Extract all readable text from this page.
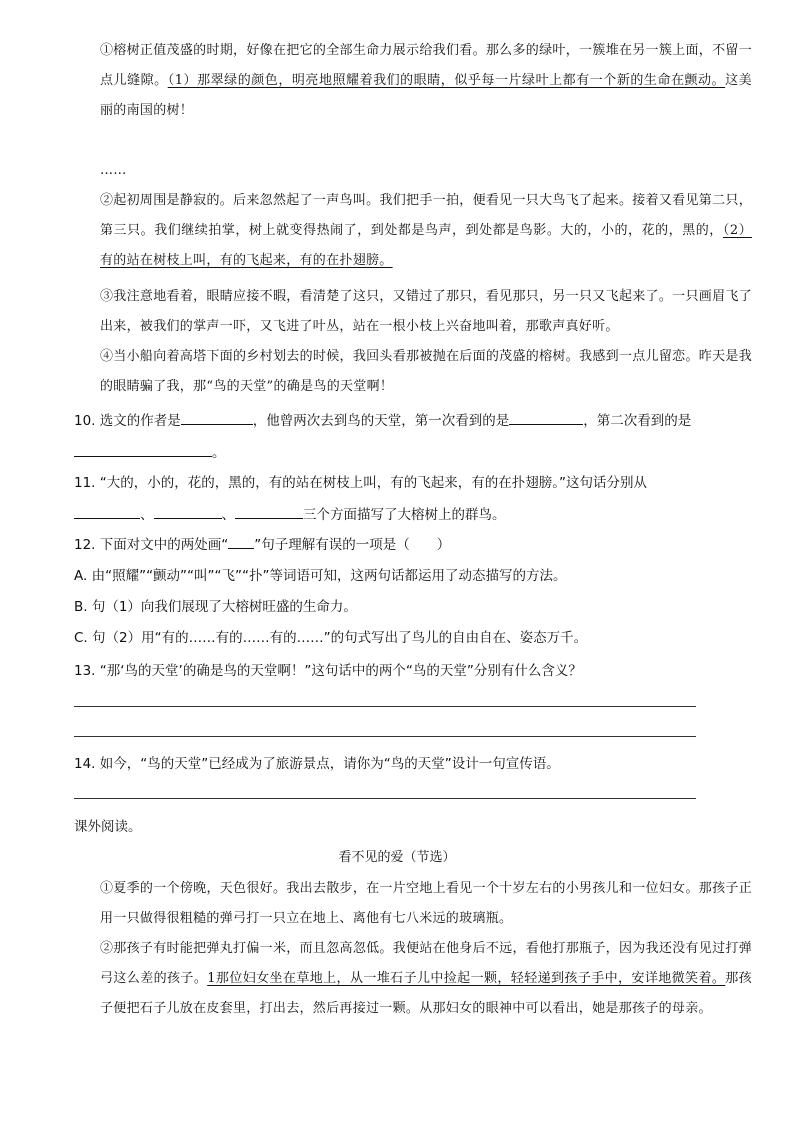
①榕树正值茂盛的时期，好像在把它的全部生命力展示给我们看。那么多的绿叶，一簇堆在另一簇上面，不留一点儿缝隙。（1）那翠绿的颜色，明亮地照耀着我们的眼睛，似乎每一片绿叶上都有一个新的生命在颤动。这美丽的南国的树！
……
②起初周围是静寂的。后来忽然起了一声鸟叫。我们把手一拍，便看见一只大鸟飞了起来。接着又看见第二只，第三只。我们继续拍掌，树上就变得热闹了，到处都是鸟声，到处都是鸟影。大的，小的，花的，黑的，（2）有的站在树枝上叫，有的飞起来，有的在扑翅膀。
③我注意地看着，眼睛应接不暇，看清楚了这只，又错过了那只，看见那只，另一只又飞起来了。一只画眉飞了出来，被我们的掌声一吓，又飞进了叶丛，站在一根小枝上兴奋地叫着，那歌声真好听。
④当小船向着高塔下面的乡村划去的时候，我回头看那被抛在后面的茂盛的榕树。我感到一点儿留恋。昨天是我的眼睛骗了我，那“鸟的天堂”的确是鸟的天堂啊！
10. 选文的作者是	，他曾两次去到鸟的天堂，第一次看到的是	，第二次看到的是
。
11. “大的，小的，花的，黑的，有的站在树枝上叫，有的飞起来，有的在扑翅膀。”这句话分别从
、	、	三个方面描写了大榕树上的群鸟。
12. 下面对文中的两处画“ ”句子理解有误的一项是（　　）
A. 由“照耀”“颤动”“叫”“飞”“扑”等词语可知，这两句话都运用了动态描写的方法。
B. 句（1）向我们展现了大榕树旺盛的生命力。
C. 句（2）用“有的……有的……有的……”的句式写出了鸟儿的自由自在、姿态万千。
13. “那‘鸟的天堂’的确是鸟的天堂啊！”这句话中的两个“鸟的天堂”分别有什么含义？
14. 如今，“鸟的天堂”已经成为了旅游景点，请你为“鸟的天堂”设计一句宣传语。
课外阅读。
看不见的爱（节选）
①夏季的一个傍晚，天色很好。我出去散步，在一片空地上看见一个十岁左右的小男孩儿和一位妇女。那孩子正用一只做得很粗糙的弹弓打一只立在地上、离他有七八米远的玻璃瓶。
②那孩子有时能把弹丸打偏一米，而且忽高忽低。我便站在他身后不远，看他打那瓶子，因为我还没有见过打弹弓这么差的孩子。1那位妇女坐在草地上，从一堆石子儿中捡起一颗，轻轻递到孩子手中，安详地微笑着。那孩子便把石子儿放在皮套里，打出去，然后再接过一颗。从那妇女的眼神中可以看出，她是那孩子的母亲。
